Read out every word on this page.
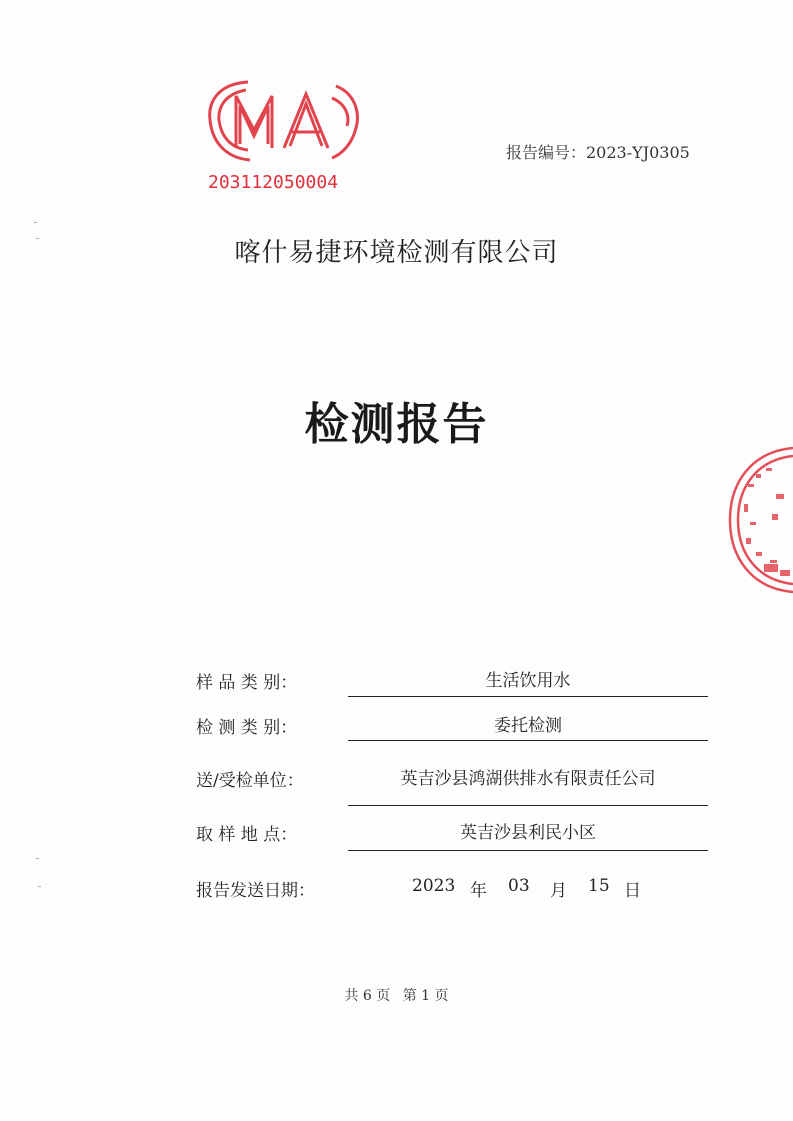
203112050004
报告编号：2023-YJ0305
喀什易捷环境检测有限公司
检测报告
样 品 类 别：	生活饮用水
检 测 类 别：	委托检测
送/受检单位：	英吉沙县鸿湖供排水有限责任公司
取 样 地 点：	英吉沙县利民小区
报告发送日期：	2023 年 03 月 15 日
共 6 页 第 1 页
